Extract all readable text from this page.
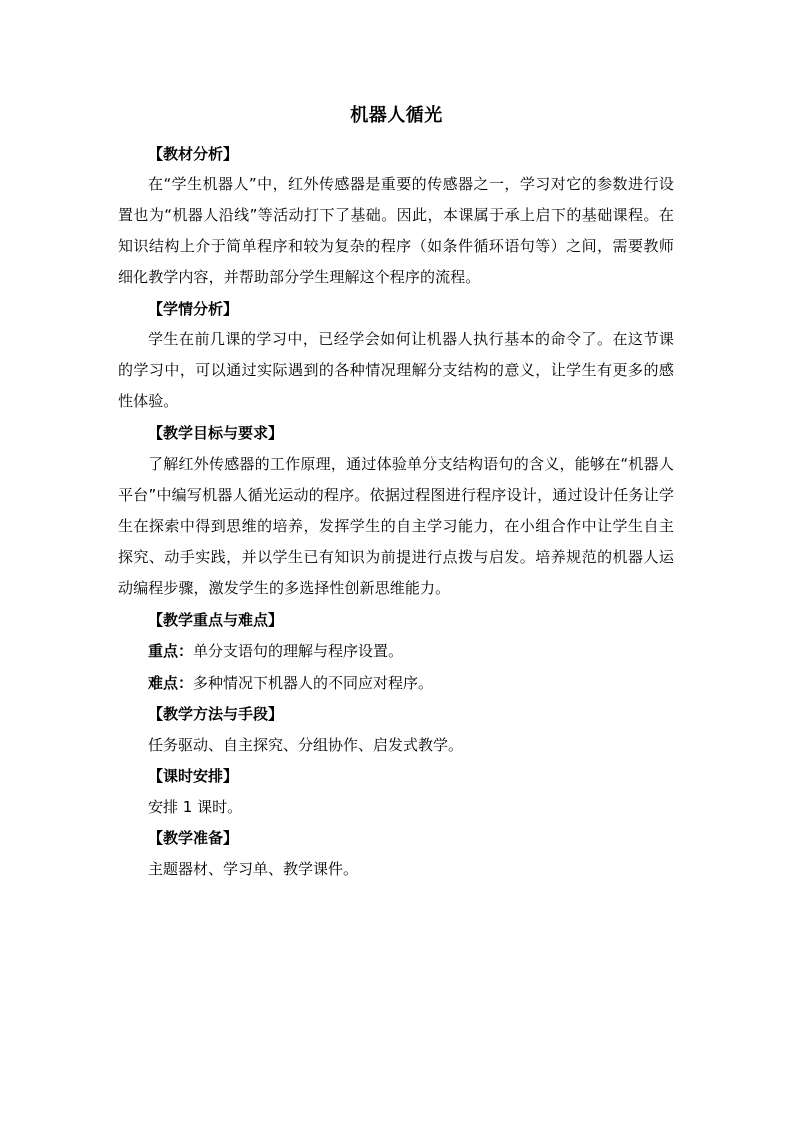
机器人循光
【教材分析】
在“学生机器人”中，红外传感器是重要的传感器之一，学习对它的参数进行设置也为“机器人沿线”等活动打下了基础。因此，本课属于承上启下的基础课程。在知识结构上介于简单程序和较为复杂的程序（如条件循环语句等）之间，需要教师细化教学内容，并帮助部分学生理解这个程序的流程。
【学情分析】
学生在前几课的学习中，已经学会如何让机器人执行基本的命令了。在这节课的学习中，可以通过实际遇到的各种情况理解分支结构的意义，让学生有更多的感性体验。
【教学目标与要求】
了解红外传感器的工作原理，通过体验单分支结构语句的含义，能够在“机器人平台”中编写机器人循光运动的程序。依据过程图进行程序设计，通过设计任务让学生在探索中得到思维的培养，发挥学生的自主学习能力，在小组合作中让学生自主探究、动手实践，并以学生已有知识为前提进行点拨与启发。培养规范的机器人运动编程步骤，激发学生的多选择性创新思维能力。
【教学重点与难点】
重点：单分支语句的理解与程序设置。
难点：多种情况下机器人的不同应对程序。
【教学方法与手段】
任务驱动、自主探究、分组协作、启发式教学。
【课时安排】
安排 1 课时。
【教学准备】
主题器材、学习单、教学课件。
